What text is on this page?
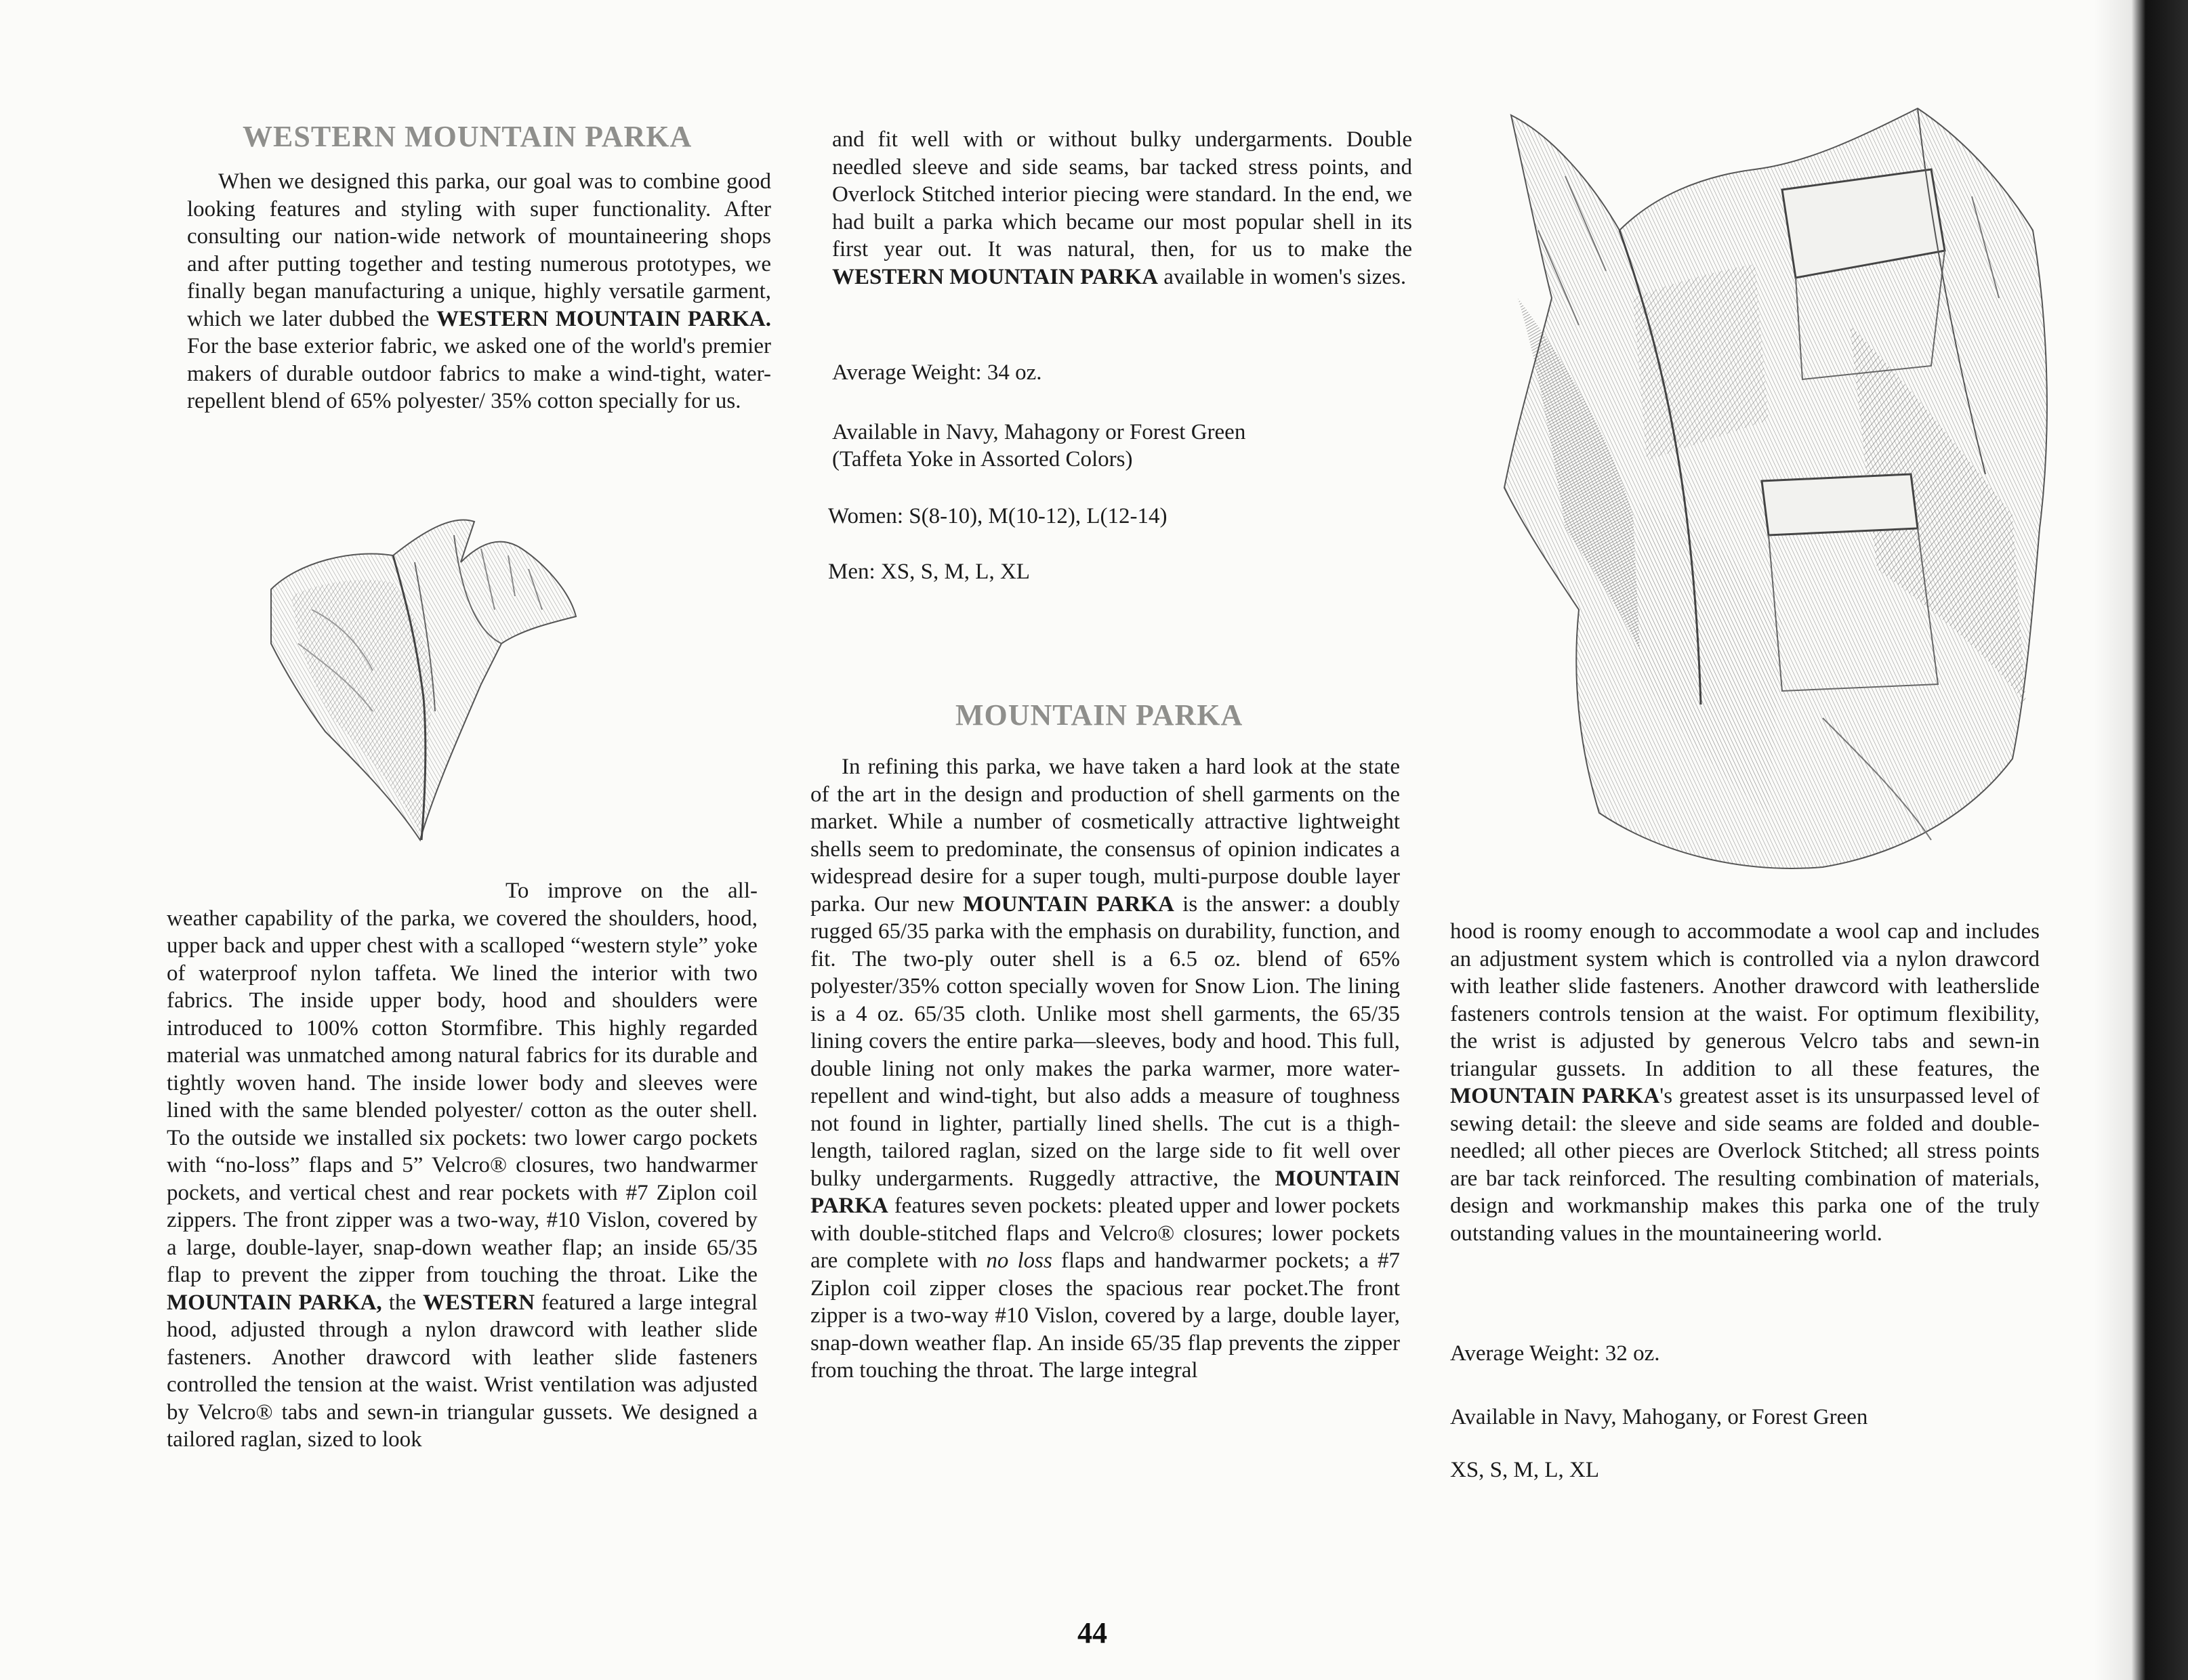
WESTERN MOUNTAIN PARKA

When we designed this parka, our goal was to combine good looking features and styling with super functionality. After consulting our nation-wide network of mountaineering shops and after putting together and testing numerous prototypes, we finally began manufacturing a unique, highly versatile garment, which we later dubbed the WESTERN MOUNTAIN PARKA. For the base exterior fabric, we asked one of the world's premier makers of durable outdoor fabrics to make a wind-tight, water-repellent blend of 65% polyester/ 35% cotton specially for us.

To improve on the all-weather capability of the parka, we covered the shoulders, hood, upper back and upper chest with a scalloped “western style” yoke of waterproof nylon taffeta. We lined the interior with two fabrics. The inside upper body, hood and shoulders were introduced to 100% cotton Stormfibre. This highly regarded material was unmatched among natural fabrics for its durable and tightly woven hand. The inside lower body and sleeves were lined with the same blended polyester/ cotton as the outer shell. To the outside we installed six pockets: two lower cargo pockets with “no-loss” flaps and 5” Velcro® closures, two handwarmer pockets, and vertical chest and rear pockets with #7 Ziplon coil zippers. The front zipper was a two-way, #10 Vislon, covered by a large, double-layer, snap-down weather flap; an inside 65/35 flap to prevent the zipper from touching the throat. Like the MOUNTAIN PARKA, the WESTERN featured a large integral hood, adjusted through a nylon drawcord with leather slide fasteners. Another drawcord with leather slide fasteners controlled the tension at the waist. Wrist ventilation was adjusted by Velcro® tabs and sewn-in triangular gussets. We designed a tailored raglan, sized to look

and fit well with or without bulky undergarments. Double needled sleeve and side seams, bar tacked stress points, and Overlock Stitched interior piecing were standard. In the end, we had built a parka which became our most popular shell in its first year out. It was natural, then, for us to make the WESTERN MOUNTAIN PARKA available in women's sizes.

Average Weight: 34 oz.

Available in Navy, Mahagony or Forest Green

(Taffeta Yoke in Assorted Colors)

Women: S(8-10), M(10-12), L(12-14)

Men: XS, S, M, L, XL

MOUNTAIN PARKA

In refining this parka, we have taken a hard look at the state of the art in the design and production of shell garments on the market. While a number of cosmetically attractive lightweight shells seem to predominate, the consensus of opinion indicates a widespread desire for a super tough, multi-purpose double layer parka. Our new MOUNTAIN PARKA is the answer: a doubly rugged 65/35 parka with the emphasis on durability, function, and fit. The two-ply outer shell is a 6.5 oz. blend of 65% polyester/35% cotton specially woven for Snow Lion. The lining is a 4 oz. 65/35 cloth. Unlike most shell garments, the 65/35 lining covers the entire parka—sleeves, body and hood. This full, double lining not only makes the parka warmer, more water-repellent and wind-tight, but also adds a measure of toughness not found in lighter, partially lined shells. The cut is a thigh-length, tailored raglan, sized on the large side to fit well over bulky undergarments. Ruggedly attractive, the MOUNTAIN PARKA features seven pockets: pleated upper and lower pockets with double-stitched flaps and Velcro® closures; lower pockets are complete with no loss flaps and handwarmer pockets; a #7 Ziplon coil zipper closes the spacious rear pocket.The front zipper is a two-way #10 Vislon, covered by a large, double layer, snap-down weather flap. An inside 65/35 flap prevents the zipper from touching the throat. The large integral

hood is roomy enough to accommodate a wool cap and includes an adjustment system which is controlled via a nylon drawcord with leather slide fasteners. Another drawcord with leatherslide fasteners controls tension at the waist. For optimum flexibility, the wrist is adjusted by generous Velcro tabs and sewn-in triangular gussets. In addition to all these features, the MOUNTAIN PARKA's greatest asset is its unsurpassed level of sewing detail: the sleeve and side seams are folded and double-needled; all other pieces are Overlock Stitched; all stress points are bar tack reinforced. The resulting combination of materials, design and workmanship makes this parka one of the truly outstanding values in the mountaineering world.

Average Weight: 32 oz.

Available in Navy, Mahogany, or Forest Green

XS, S, M, L, XL

44
